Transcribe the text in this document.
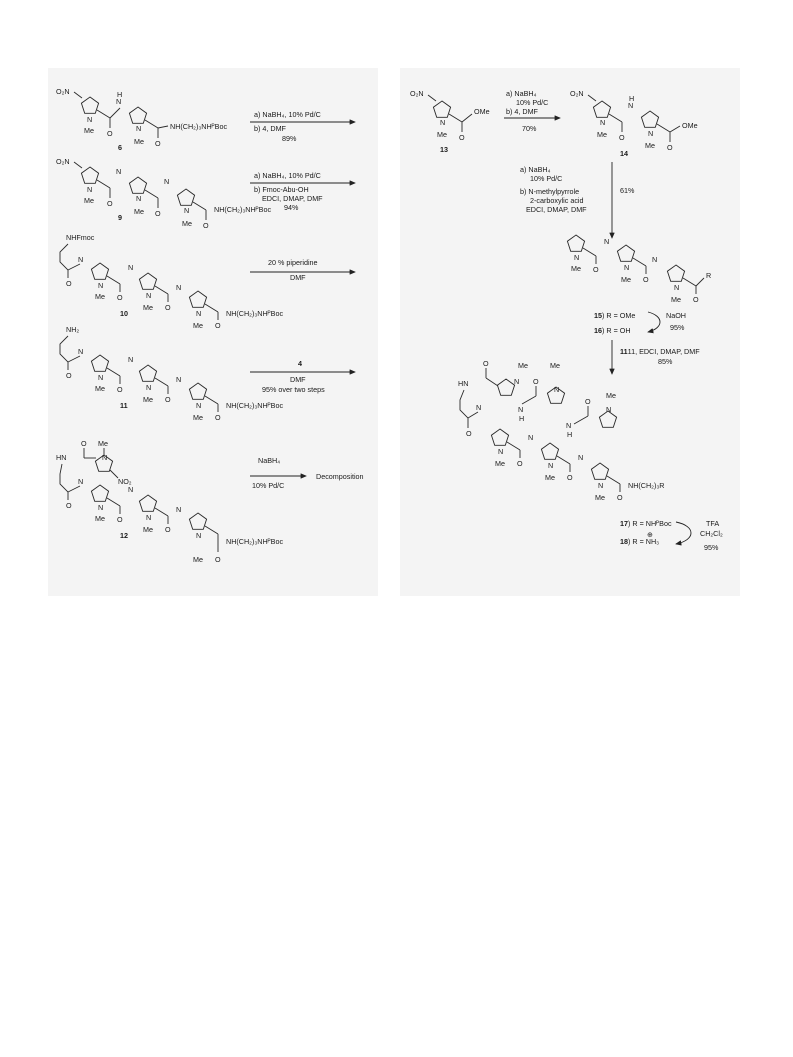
O₂N
N
Me O
N
H
N
Me O
NH(CH₂)₃NHᴾBoc
6
a) NaBH₄, 10% Pd/C
b) 4, DMF
89%
O₂N
N
Me O
N
N
Me O
N
N
Me O
NH(CH₂)₃NHᴾBoc
9
a) NaBH₄, 10% Pd/C
b) Fmoc-Abu-OH
EDCI, DMAP, DMF
94%
NHFmoc
O
N
N
Me O
N
N
Me O
N
N
Me O
NH(CH₂)₃NHᴾBoc
10
20 % piperidine
DMF
NH₂
O
N
N
Me O
N
N
Me O
N
N
Me O
NH(CH₂)₃NHᴾBoc
11
4
DMF
95% over two steps
Me
N
NO₂
O
HN
O
N
N
Me O
N
N
Me O
N
N
Me O
NH(CH₂)₃NHᴾBoc
12
NaBH₄
10% Pd/C
Decomposition
O₂N
N
Me O
OMe
13
a) NaBH₄
10% Pd/C
b) 4, DMF
70%
O₂N
N
Me O
N
H
N
Me O
OMe
14
a) NaBH₄
10% Pd/C
b) N-methylpyrrole
2-carboxylic acid
EDCI, DMAP, DMF
61%
N
Me O
N
N
Me O
N
N
Me O
R
15) R = OMe
16) R = OH
NaOH
95%
1111, EDCI, DMAP, DMF
85%
Me
N
O
HN
O
N	N
H
O
Me
N
N
H
O
Me
N
N
Me O
N
N
Me O
N
N
Me O
NH(CH₂)₃R
17) R = NHᴾBoc
18) R = NH₃
⊕
TFA
CH₂Cl₂
95%
